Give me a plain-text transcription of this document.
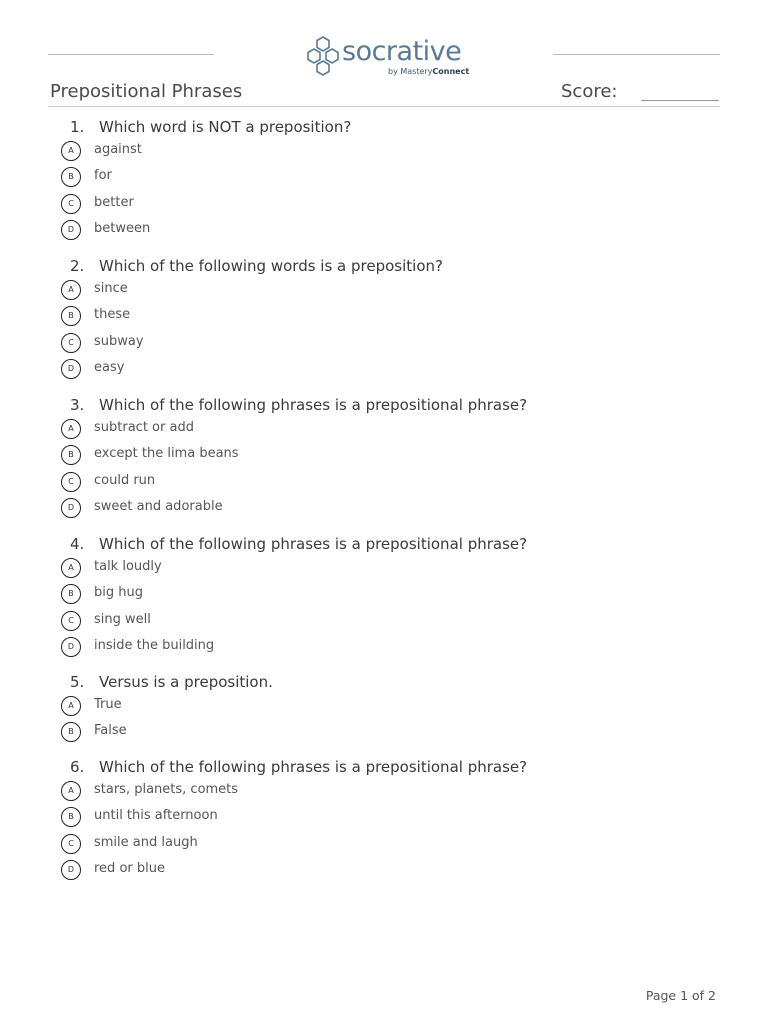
socrative
by MasteryConnect
Prepositional Phrases	Score:
1. Which word is NOT a preposition?
A	against
B	for
C	better
D	between
2. Which of the following words is a preposition?
A	since
B	these
C	subway
D	easy
3. Which of the following phrases is a prepositional phrase?
A	subtract or add
B	except the lima beans
C	could run
D	sweet and adorable
4. Which of the following phrases is a prepositional phrase?
A	talk loudly
B	big hug
C	sing well
D	inside the building
5. Versus is a preposition.
A	True
B	False
6. Which of the following phrases is a prepositional phrase?
A	stars, planets, comets
B	until this afternoon
C	smile and laugh
D	red or blue
Page 1 of 2
